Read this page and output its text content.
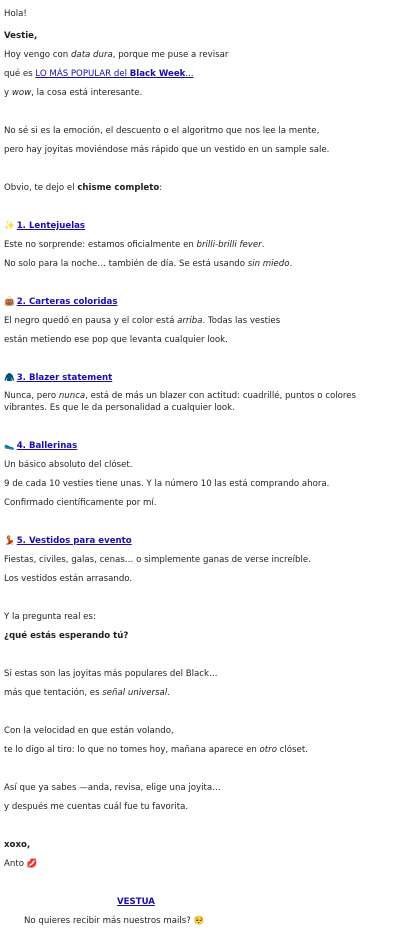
Hola!
Vestie,
Hoy vengo con data dura, porque me puse a revisar
qué es LO MÁS POPULAR del Black Week...
y wow, la cosa está interesante.
No sé si es la emoción, el descuento o el algoritmo que nos lee la mente,
pero hay joyitas moviéndose más rápido que un vestido en un sample sale.
Obvio, te dejo el chisme completo:
✨ 1. Lentejuelas
Este no sorprende: estamos oficialmente en brilli-brilli fever.
No solo para la noche… también de día. Se está usando sin miedo.
👜 2. Carteras coloridas
El negro quedó en pausa y el color está arriba. Todas las vesties
están metiendo ese pop que levanta cualquier look.
🧥 3. Blazer statement
Nunca, pero nunca, está de más un blazer con actitud: cuadrillé, puntos o colores vibrantes. Es que le da personalidad a cualquier look.
🥿 4. Ballerinas
Un básico absoluto del clóset.
9 de cada 10 vesties tiene unas. Y la número 10 las está comprando ahora.
Confirmado científicamente por mí.
💃 5. Vestidos para evento
Fiestas, civiles, galas, cenas… o simplemente ganas de verse increíble.
Los vestidos están arrasando.
Y la pregunta real es:
¿qué estás esperando tú?
Si estas son las joyitas más populares del Black…
más que tentación, es señal universal.
Con la velocidad en que están volando,
te lo digo al tiro: lo que no tomes hoy, mañana aparece en otro clóset.
Así que ya sabes —anda, revisa, elige una joyita…
y después me cuentas cuál fue tu favorita.
xoxo,
Anto 💋
VESTUA
No quieres recibir más nuestros mails? 🥺
